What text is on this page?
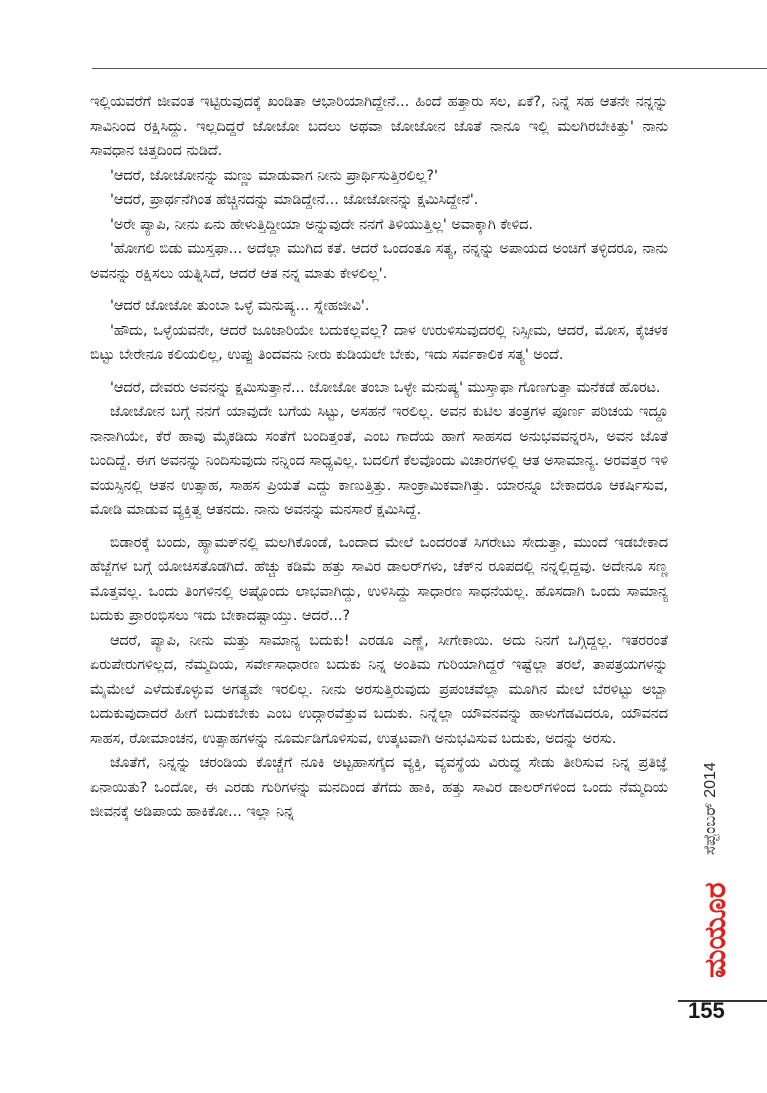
ಇಲ್ಲಿಯವರೆಗೆ ಜೀವಂತ ಇಟ್ಟಿರುವುದಕ್ಕೆ ಖಂಡಿತಾ ಆಭಾರಿಯಾಗಿದ್ದೇನೆ... ಹಿಂದೆ ಹತ್ತಾರು ಸಲ, ಏಕೆ?, ನಿನ್ನೆ ಸಹ ಆತನೇ ನನ್ನನ್ನು ಸಾವಿನಿಂದ ರಕ್ಷಿಸಿದ್ದು. ಇಲ್ಲದಿದ್ದರೆ ಜೋಜೋ ಬದಲು ಅಥವಾ ಜೋಜೋನ ಜೊತೆ ನಾನೂ ಇಲ್ಲಿ ಮಲಗಿರಬೇಕಿತ್ತು' ನಾನು ಸಾವಧಾನ ಚಿತ್ತದಿಂದ ನುಡಿದೆ.

'ಆದರೆ, ಜೋಜೋನನ್ನು ಮಣ್ಣು ಮಾಡುವಾಗ ನೀನು ಪ್ರಾರ್ಥಿಸುತ್ತಿರಲಿಲ್ಲ?'

'ಆದರೆ, ಪ್ರಾರ್ಥನೆಗಿಂತ ಹೆಚ್ಚಿನದನ್ನು ಮಾಡಿದ್ದೇನೆ... ಜೋಜೋನನ್ನು ಕ್ಷಮಿಸಿದ್ದೇನೆ'.

'ಅರೇ ಪ್ಯಾಪಿ, ನೀನು ಏನು ಹೇಳುತ್ತಿದ್ದೀಯಾ ಅನ್ನುವುದೇ ನನಗೆ ತಿಳಿಯುತ್ತಿಲ್ಲ' ಅವಾಕ್ಕಾಗಿ ಕೇಳಿದ.

'ಹೋಗಲಿ ಬಿಡು ಮುಸ್ತಫಾ... ಅದೆಲ್ಲಾ ಮುಗಿದ ಕತೆ. ಆದರೆ ಒಂದಂತೂ ಸತ್ಯ, ನನ್ನನ್ನು ಅಪಾಯದ ಅಂಚಿಗೆ ತಳ್ಳಿದರೂ, ನಾನು ಅವನನ್ನು ರಕ್ಷಿಸಲು ಯತ್ನಿಸಿದೆ, ಆದರೆ ಆತ ನನ್ನ ಮಾತು ಕೇಳಲಿಲ್ಲ'.

'ಆದರೆ ಜೋಜೋ ತುಂಬಾ ಒಳ್ಳೆ ಮನುಷ್ಯ... ಸ್ನೇಹಜೀವಿ'.

'ಹೌದು, ಒಳ್ಳೆಯವನೇ, ಆದರೆ ಜೂಜಾರಿಯೇ ಬದುಕಲ್ಲವಲ್ಲ? ದಾಳ ಉರುಳಿಸುವುದರಲ್ಲಿ ನಿಸ್ಸೀಮ, ಆದರೆ, ಮೋಸ, ಕೈಚಳಕ ಬಿಟ್ಟು ಬೇರೇನೂ ಕಲಿಯಲಿಲ್ಲ, ಉಪ್ಪು ತಿಂದವನು ನೀರು ಕುಡಿಯಲೇ ಬೇಕು, ಇದು ಸರ್ವಕಾಲಿಕ ಸತ್ಯ' ಅಂದೆ.

'ಆದರೆ, ದೇವರು ಅವನನ್ನು ಕ್ಷಮಿಸುತ್ತಾನೆ... ಜೋಜೋ ತಂಬಾ ಒಳ್ಳೇ ಮನುಷ್ಯ' ಮುಸ್ತಾಫಾ ಗೊಣಗುತ್ತಾ ಮನೆಕಡೆ ಹೊರಟ.

ಜೋಜೋನ ಬಗ್ಗೆ ನನಗೆ ಯಾವುದೇ ಬಗೆಯ ಸಿಟ್ಟು, ಅಸಹನೆ ಇರಲಿಲ್ಲ. ಅವನ ಕುಟಿಲ ತಂತ್ರಗಳ ಪೂರ್ಣ ಪರಿಚಯ ಇದ್ದೂ ನಾನಾಗಿಯೇ, ಕೆರೆ ಹಾವು ಮೈಕಡಿದು ಸಂತೆಗೆ ಬಂದಿತ್ತಂತೆ, ಎಂಬ ಗಾದೆಯ ಹಾಗೆ ಸಾಹಸದ ಅನುಭವವನ್ನರಸಿ, ಅವನ ಜೊತೆ ಬಂದಿದ್ದೆ. ಈಗ ಅವನನ್ನು ನಿಂದಿಸುವುದು ನನ್ನಿಂದ ಸಾಧ್ಯವಿಲ್ಲ. ಬದಲಿಗೆ ಕೆಲವೊಂದು ವಿಚಾರಗಳಲ್ಲಿ ಆತ ಅಸಾಮಾನ್ಯ. ಅರವತ್ತರ ಇಳಿ ವಯಸ್ಸಿನಲ್ಲಿ ಆತನ ಉತ್ಸಾಹ, ಸಾಹಸ ಪ್ರಿಯತೆ ಎದ್ದು ಕಾಣುತ್ತಿತ್ತು. ಸಾಂಕ್ರಾಮಿಕವಾಗಿತ್ತು. ಯಾರನ್ನೂ ಬೇಕಾದರೂ ಆಕರ್ಷಿಸುವ, ಮೋಡಿ ಮಾಡುವ ವ್ಯಕ್ತಿತ್ವ ಆತನದು. ನಾನು ಅವನನ್ನು ಮನಸಾರೆ ಕ್ಷಮಿಸಿದ್ದೆ.

ಬಿಡಾರಕ್ಕೆ ಬಂದು, ಹ್ಯಾಮಕ್‌ನಲ್ಲಿ ಮಲಗಿಕೊಂಡೆ, ಒಂದಾದ ಮೇಲೆ ಒಂದರಂತೆ ಸಿಗರೇಟು ಸೇದುತ್ತಾ, ಮುಂದೆ ಇಡಬೇಕಾದ ಹೆಜ್ಜೆಗಳ ಬಗ್ಗೆ ಯೋಚಿಸತೊಡಗಿದೆ. ಹೆಚ್ಚು ಕಡಿಮೆ ಹತ್ತು ಸಾವಿರ ಡಾಲರ್‌ಗಳು, ಚೆಕ್‌ನ ರೂಪದಲ್ಲಿ ನನ್ನಲ್ಲಿದ್ದವು. ಅದೇನೂ ಸಣ್ಣ ಮೊತ್ತವಲ್ಲ. ಒಂದು ತಿಂಗಳಿನಲ್ಲಿ ಅಷ್ಟೊಂದು ಲಾಭವಾಗಿದ್ದು, ಉಳಿಸಿದ್ದು ಸಾಧಾರಣ ಸಾಧನೆಯಲ್ಲ. ಹೊಸದಾಗಿ ಒಂದು ಸಾಮಾನ್ಯ ಬದುಕು ಪ್ರಾರಂಭಿಸಲು ಇದು ಬೇಕಾದಷ್ಟಾಯ್ತು. ಆದರೆ...?

ಆದರೆ, ಪ್ಯಾಪಿ, ನೀನು ಮತ್ತು ಸಾಮಾನ್ಯ ಬದುಕು! ಎರಡೂ ಎಣ್ಣೆ, ಸೀಗೇಕಾಯಿ. ಅದು ನಿನಗೆ ಒಗ್ಗಿದ್ದಲ್ಲ. ಇತರರಂತೆ ಏರುಪೇರುಗಳಿಲ್ಲದ, ನೆಮ್ಮದಿಯ, ಸರ್ವೇಸಾಧಾರಣ ಬದುಕು ನಿನ್ನ ಅಂತಿಮ ಗುರಿಯಾಗಿದ್ದರೆ ಇಷ್ಟೆಲ್ಲಾ ತರಲೆ, ತಾಪತ್ರಯಗಳನ್ನು ಮೈಮೇಲೆ ಎಳೆದುಕೊಳ್ಳುವ ಅಗತ್ಯವೇ ಇರಲಿಲ್ಲ. ನೀನು ಅರಸುತ್ತಿರುವುದು ಪ್ರಪಂಚವೆಲ್ಲಾ ಮೂಗಿನ ಮೇಲೆ ಬೆರಳಿಟ್ಟು ಅಬ್ಬಾ ಬದುಕುವುದಾದರೆ ಹೀಗೆ ಬದುಕಬೇಕು ಎಂಬ ಉದ್ಗಾರವೆತ್ತುವ ಬದುಕು. ನಿನ್ನೆಲ್ಲಾ ಯೌವನವನ್ನು ಹಾಳುಗೆಡವಿದರೂ, ಯೌವನದ ಸಾಹಸ, ರೋಮಾಂಚನ, ಉತ್ಸಾಹಗಳನ್ನು ನೂರ್ಮಡಿಗೊಳಿಸುವ, ಉತ್ಕಟವಾಗಿ ಅನುಭವಿಸುವ ಬದುಕು, ಅದನ್ನು ಅರಸು.

ಜೊತೆಗೆ, ನಿನ್ನನ್ನು ಚರಂಡಿಯ ಕೊಚ್ಚೆಗೆ ನೂಕಿ ಅಟ್ಟಹಾಸಗೈದ ವ್ಯಕ್ತಿ, ವ್ಯವಸ್ಥೆಯ ವಿರುದ್ಧ ಸೇಡು ತೀರಿಸುವ ನಿನ್ನ ಪ್ರತಿಜ್ಞೆ ಏನಾಯಿತು? ಒಂದೋ, ಈ ಎರಡು ಗುರಿಗಳನ್ನು ಮನದಿಂದ ತೆಗೆದು ಹಾಕಿ, ಹತ್ತು ಸಾವಿರ ಡಾಲರ್‌ಗಳಿಂದ ಒಂದು ನೆಮ್ಮದಿಯ ಜೀವನಕ್ಕೆ ಅಡಿಪಾಯ ಹಾಕಿಕೋ... ಇಲ್ಲಾ ನಿನ್ನ	ಸೆಪ್ಟೆಂಬರ್ 2014
ಮಯೂರ
155
